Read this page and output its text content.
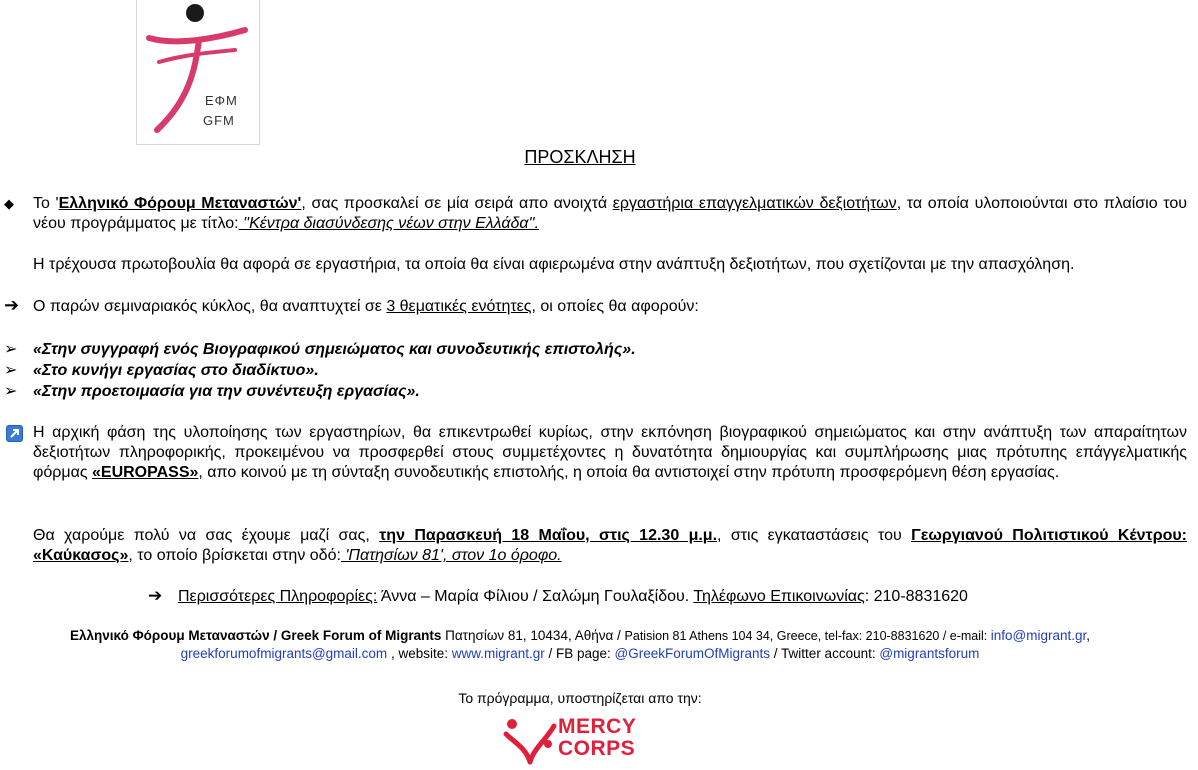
ΕΦΜ
GFM
ΠΡΟΣΚΛΗΣΗ
◆ Το 'Ελληνικό Φόρουμ Μεταναστών', σας προσκαλεί σε μία σειρά απο ανοιχτά εργαστήρια επαγγελματικών δεξιοτήτων, τα οποία υλοποιούνται στο πλαίσιο του νέου προγράμματος με τίτλο: ''Κέντρα διασύνδεσης νέων στην Ελλάδα''.
Η τρέχουσα πρωτοβουλία θα αφορά σε εργαστήρια, τα οποία θα είναι αφιερωμένα στην ανάπτυξη δεξιοτήτων, που σχετίζονται με την απασχόληση.
➔ Ο παρών σεμιναριακός κύκλος, θα αναπτυχτεί σε 3 θεματικές ενότητες, οι οποίες θα αφορούν:
➢ «Στην συγγραφή ενός Βιογραφικού σημειώματος και συνοδευτικής επιστολής».
➢ «Στο κυνήγι εργασίας στο διαδίκτυο».
➢ «Στην προετοιμασία για την συνέντευξη εργασίας».
Η αρχική φάση της υλοποίησης των εργαστηρίων, θα επικεντρωθεί κυρίως, στην εκπόνηση βιογραφικού σημειώματος και στην ανάπτυξη των απαραίτητων δεξιοτήτων πληροφορικής, προκειμένου να προσφερθεί στους συμμετέχοντες η δυνατότητα δημιουργίας και συμπλήρωσης μιας πρότυπης επάγγελματικής φόρμας «EUROPASS», απο κοινού με τη σύνταξη συνοδευτικής επιστολής, η οποία θα αντιστοιχεί στην πρότυπη προσφερόμενη θέση εργασίας.
Θα χαρούμε πολύ να σας έχουμε μαζί σας, την Παρασκευή 18 Μαΐου, στις 12.30 μ.μ., στις εγκαταστάσεις του Γεωργιανού Πολιτιστικού Κέντρου: «Καύκασος», το οποίο βρίσκεται στην οδό: 'Πατησίων 81', στον 1ο όροφο.
➔ Περισσότερες Πληροφορίες: Άννα – Μαρία Φίλιου / Σαλώμη Γουλαξίδου. Τηλέφωνο Επικοινωνίας: 210-8831620
Ελληνικό Φόρουμ Μεταναστών / Greek Forum of Migrants Πατησίων 81, 10434, Αθήνα / Patision 81 Athens 104 34, Greece, tel-fax: 210-8831620 / e-mail: info@migrant.gr,
greekforumofmigrants@gmail.com , website: www.migrant.gr / FB page: @GreekForumOfMigrants / Twitter account: @migrantsforum
Το πρόγραμμα, υποστηρίζεται απο την:
MERCY
CORPS
